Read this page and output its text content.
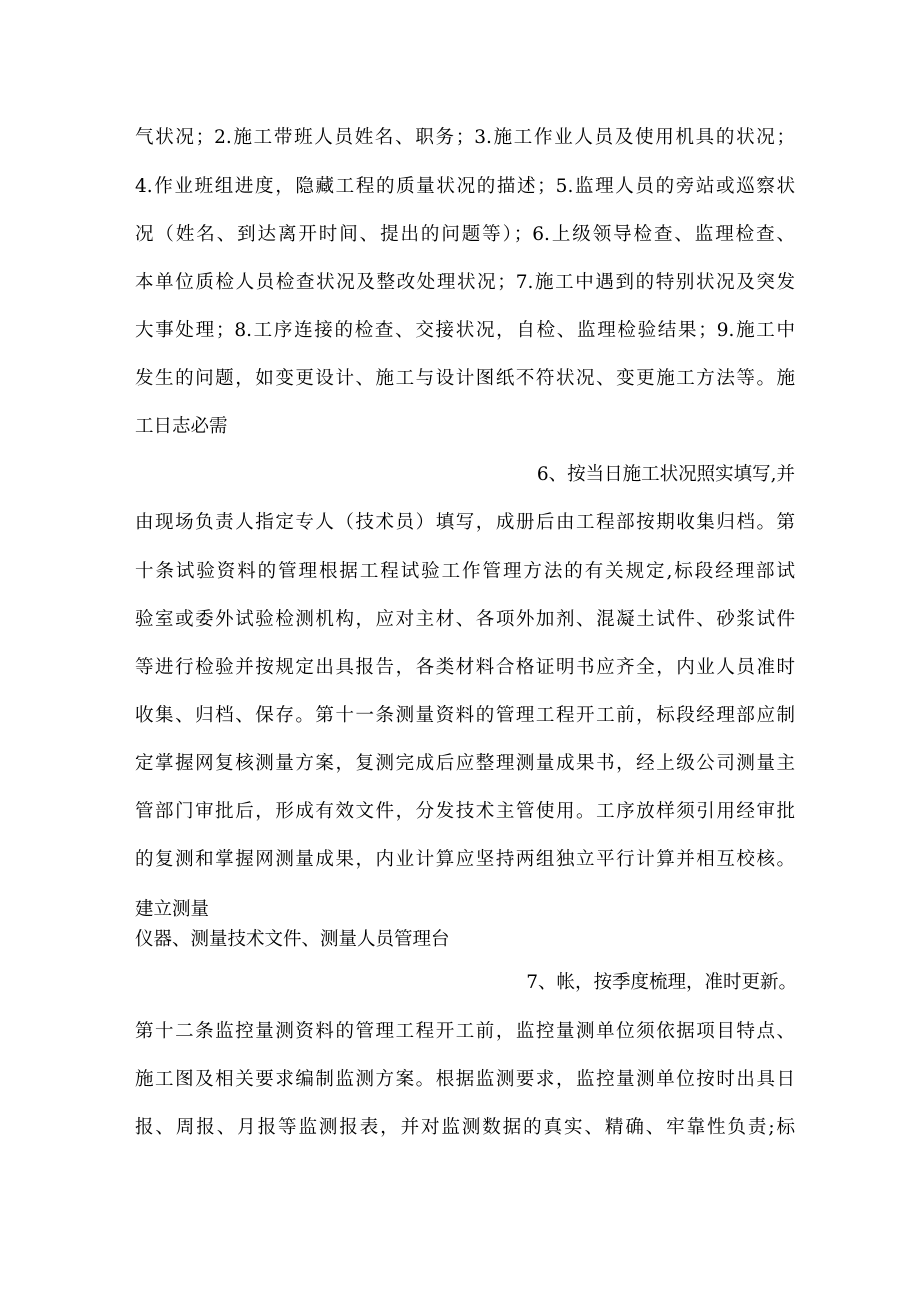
气状况；2.施工带班人员姓名、职务；3.施工作业人员及使用机具的状况；
4.作业班组进度，隐藏工程的质量状况的描述；5.监理人员的旁站或巡察状
况（姓名、到达离开时间、提出的问题等）；6.上级领导检查、监理检查、
本单位质检人员检查状况及整改处理状况；7.施工中遇到的特别状况及突发
大事处理；8.工序连接的检查、交接状况，自检、监理检验结果；9.施工中
发生的问题，如变更设计、施工与设计图纸不符状况、变更施工方法等。施
工日志必需
6、按当日施工状况照实填写,并
由现场负责人指定专人（技术员）填写，成册后由工程部按期收集归档。第
十条试验资料的管理根据工程试验工作管理方法的有关规定,标段经理部试
验室或委外试验检测机构，应对主材、各项外加剂、混凝土试件、砂浆试件
等进行检验并按规定出具报告，各类材料合格证明书应齐全，内业人员准时
收集、归档、保存。第十一条测量资料的管理工程开工前，标段经理部应制
定掌握网复核测量方案，复测完成后应整理测量成果书，经上级公司测量主
管部门审批后，形成有效文件，分发技术主管使用。工序放样须引用经审批
的复测和掌握网测量成果，内业计算应坚持两组独立平行计算并相互校核。
建立测量
仪器、测量技术文件、测量人员管理台
7、帐，按季度梳理，准时更新。
第十二条监控量测资料的管理工程开工前，监控量测单位须依据项目特点、
施工图及相关要求编制监测方案。根据监测要求，监控量测单位按时出具日
报、周报、月报等监测报表，并对监测数据的真实、精确、牢靠性负责;标
